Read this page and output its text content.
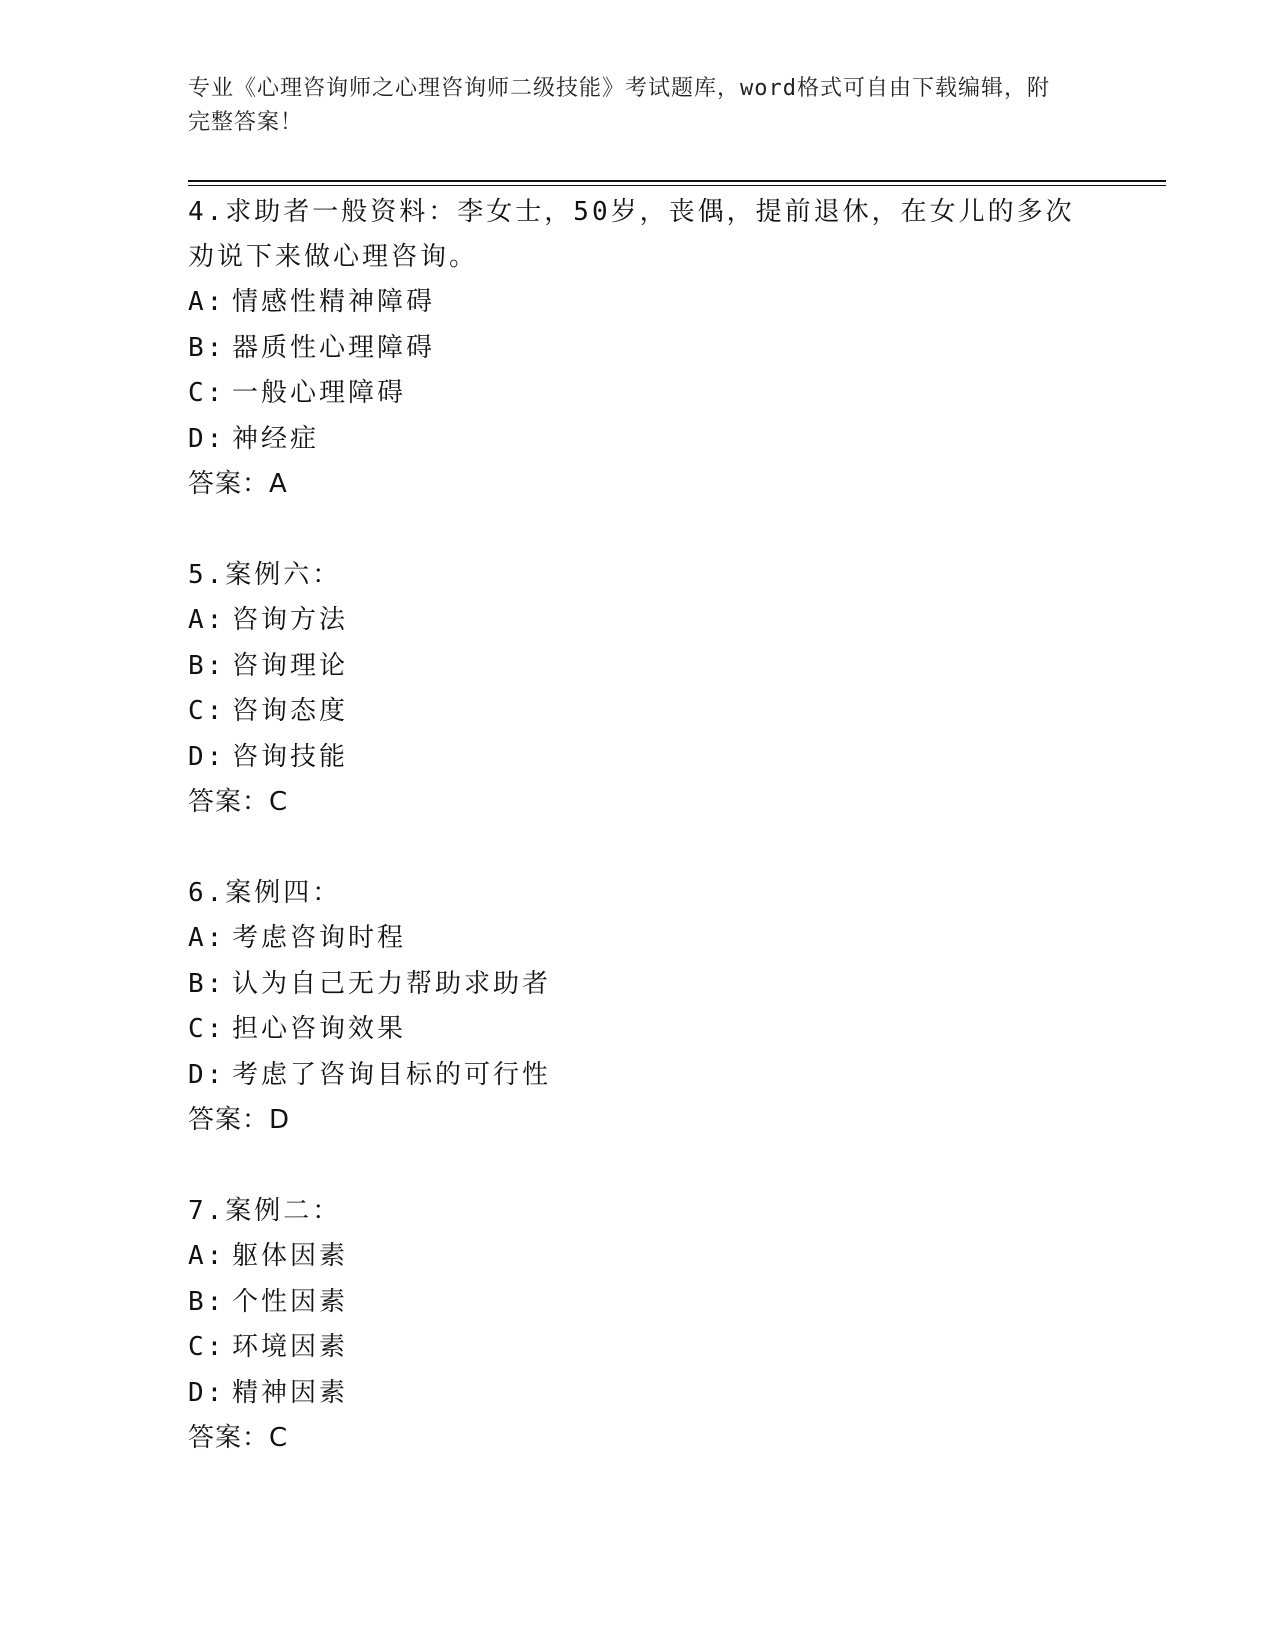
专业《心理咨询师之心理咨询师二级技能》考试题库，word格式可自由下载编辑，附完整答案！

4.求助者一般资料：李女士，50岁，丧偶，提前退休，在女儿的多次劝说下来做心理咨询。

A: 情感性精神障碍

B: 器质性心理障碍

C: 一般心理障碍

D: 神经症

答案：A

5.案例六：

A: 咨询方法

B: 咨询理论

C: 咨询态度

D: 咨询技能

答案：C

6.案例四：

A: 考虑咨询时程

B: 认为自己无力帮助求助者

C: 担心咨询效果

D: 考虑了咨询目标的可行性

答案：D

7.案例二：

A: 躯体因素

B: 个性因素

C: 环境因素

D: 精神因素

答案：C
